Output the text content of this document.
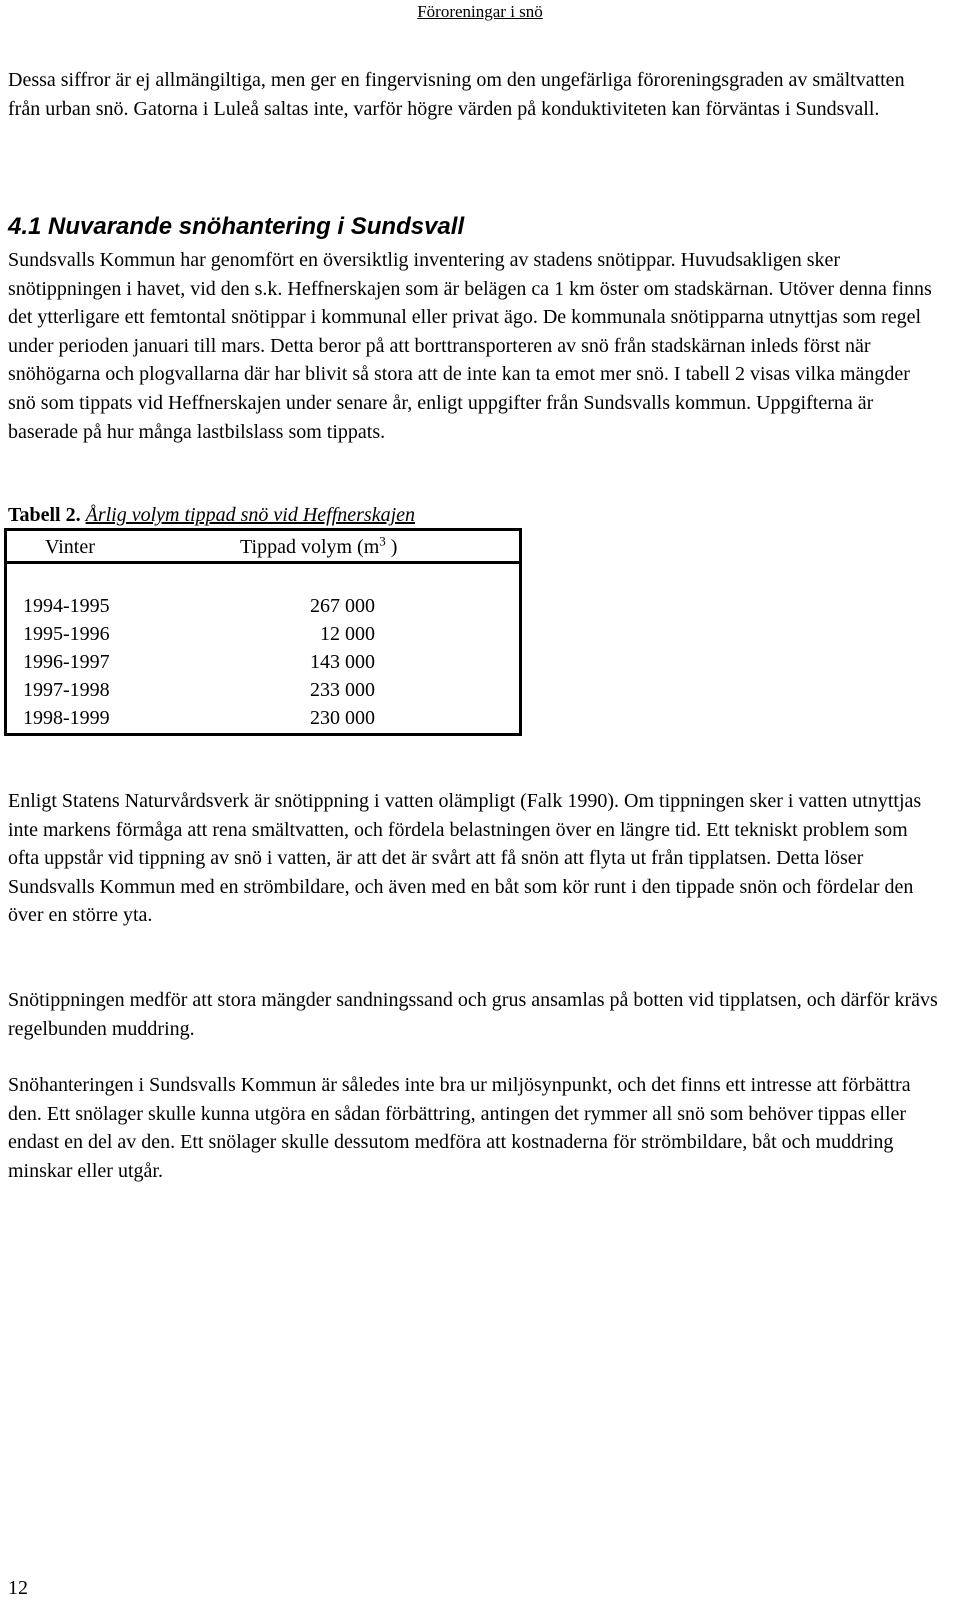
Föroreningar i snö

Dessa siffror är ej allmängiltiga, men ger en fingervisning om den ungefärliga föroreningsgraden av smältvatten från urban snö. Gatorna i Luleå saltas inte, varför högre värden på konduktiviteten kan förväntas i Sundsvall.

4.1 Nuvarande snöhantering i Sundsvall

Sundsvalls Kommun har genomfört en översiktlig inventering av stadens snötippar. Huvudsakligen sker snötippningen i havet, vid den s.k. Heffnerskajen som är belägen ca 1 km öster om stadskärnan. Utöver denna finns det ytterligare ett femtontal snötippar i kommunal eller privat ägo. De kommunala snötipparna utnyttjas som regel under perioden januari till mars. Detta beror på att borttransporteren av snö från stadskärnan inleds först när snöhögarna och plogvallarna där har blivit så stora att de inte kan ta emot mer snö. I tabell 2 visas vilka mängder snö som tippats vid Heffnerskajen under senare år, enligt uppgifter från Sundsvalls kommun. Uppgifterna är baserade på hur många lastbilslass som tippats.

Tabell 2. Årlig volym tippad snö vid Heffnerskajen
Vinter	Tippad volym ($m^3$ )
1994-1995	267 000
1995-1996	12 000
1996-1997	143 000
1997-1998	233 000
1998-1999	230 000

Enligt Statens Naturvårdsverk är snötippning i vatten olämpligt (Falk 1990). Om tippningen sker i vatten utnyttjas inte markens förmåga att rena smältvatten, och fördela belastningen över en längre tid. Ett tekniskt problem som ofta uppstår vid tippning av snö i vatten, är att det är svårt att få snön att flyta ut från tipplatsen. Detta löser Sundsvalls Kommun med en strömbildare, och även med en båt som kör runt i den tippade snön och fördelar den över en större yta.

Snötippningen medför att stora mängder sandningssand och grus ansamlas på botten vid tipplatsen, och därför krävs regelbunden muddring.

Snöhanteringen i Sundsvalls Kommun är således inte bra ur miljösynpunkt, och det finns ett intresse att förbättra den. Ett snölager skulle kunna utgöra en sådan förbättring, antingen det rymmer all snö som behöver tippas eller endast en del av den. Ett snölager skulle dessutom medföra att kostnaderna för strömbildare, båt och muddring minskar eller utgår.

12
